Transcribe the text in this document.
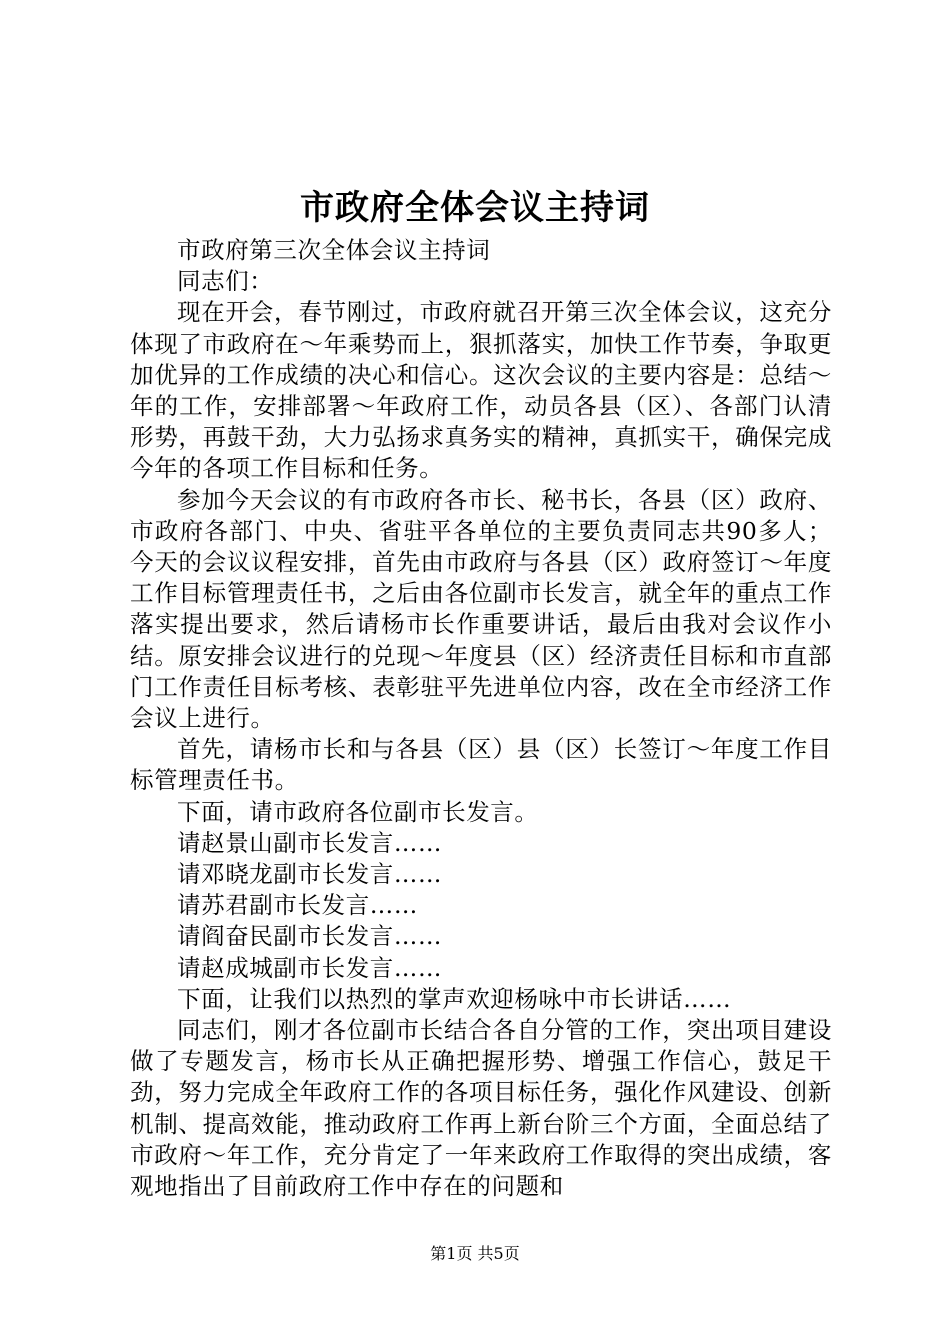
市政府全体会议主持词

市政府第三次全体会议主持词

同志们：

现在开会，春节刚过，市政府就召开第三次全体会议，这充分体现了市政府在～年乘势而上，狠抓落实，加快工作节奏，争取更加优异的工作成绩的决心和信心。这次会议的主要内容是：总结～年的工作，安排部署～年政府工作，动员各县（区）、各部门认清形势，再鼓干劲，大力弘扬求真务实的精神，真抓实干，确保完成今年的各项工作目标和任务。

参加今天会议的有市政府各市长、秘书长，各县（区）政府、市政府各部门、中央、省驻平各单位的主要负责同志共90多人；今天的会议议程安排，首先由市政府与各县（区）政府签订～年度工作目标管理责任书，之后由各位副市长发言，就全年的重点工作落实提出要求，然后请杨市长作重要讲话，最后由我对会议作小结。原安排会议进行的兑现～年度县（区）经济责任目标和市直部门工作责任目标考核、表彰驻平先进单位内容，改在全市经济工作会议上进行。

首先，请杨市长和与各县（区）县（区）长签订～年度工作目标管理责任书。

下面，请市政府各位副市长发言。

请赵景山副市长发言……

请邓晓龙副市长发言……

请苏君副市长发言……

请阎奋民副市长发言……

请赵成城副市长发言……

下面，让我们以热烈的掌声欢迎杨咏中市长讲话……

同志们，刚才各位副市长结合各自分管的工作，突出项目建设做了专题发言，杨市长从正确把握形势、增强工作信心，鼓足干劲，努力完成全年政府工作的各项目标任务，强化作风建设、创新机制、提高效能，推动政府工作再上新台阶三个方面，全面总结了市政府～年工作，充分肯定了一年来政府工作取得的突出成绩，客观地指出了目前政府工作中存在的问题和

第1页 共5页
